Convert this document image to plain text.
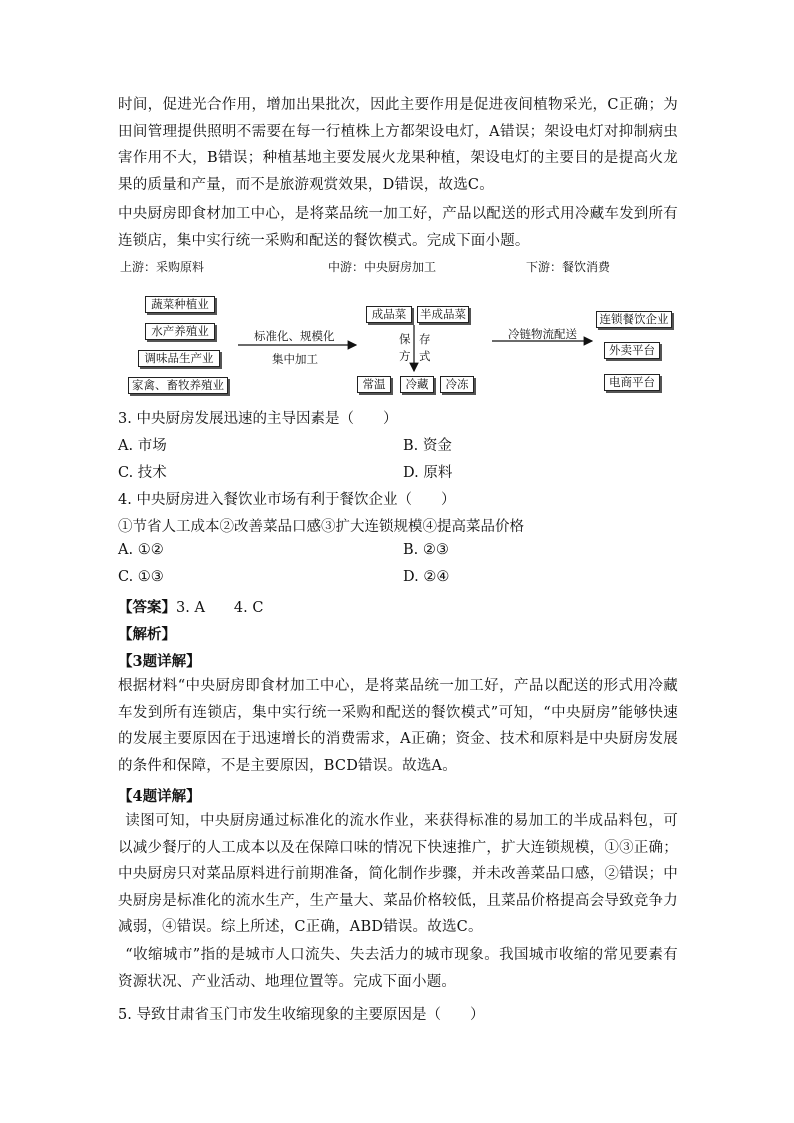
时间，促进光合作用，增加出果批次，因此主要作用是促进夜间植物采光，C正确；为田间管理提供照明不需要在每一行植株上方都架设电灯，A错误；架设电灯对抑制病虫害作用不大，B错误；种植基地主要发展火龙果种植，架设电灯的主要目的是提高火龙果的质量和产量，而不是旅游观赏效果，D错误，故选C。
中央厨房即食材加工中心，是将菜品统一加工好，产品以配送的形式用冷藏车发到所有连锁店，集中实行统一采购和配送的餐饮模式。完成下面小题。
上游：采购原料	中游：中央厨房加工	下游：餐饮消费
蔬菜种植业
水产养殖业
调味品生产业
家禽、畜牧养殖业
标准化、规模化
集中加工
成品菜	半成品菜
保方
存式
常温	冷藏	冷冻
冷链物流配送
连锁餐饮企业
外卖平台
电商平台
3. 中央厨房发展迅速的主导因素是（　　）
A. 市场	B. 资金
C. 技术	D. 原料
4. 中央厨房进入餐饮业市场有利于餐饮企业（　　）
①节省人工成本②改善菜品口感③扩大连锁规模④提高菜品价格
A. ①②	B. ②③
C. ①③	D. ②④
【答案】3. A　　4. C
【解析】
【3题详解】
根据材料“中央厨房即食材加工中心，是将菜品统一加工好，产品以配送的形式用冷藏车发到所有连锁店，集中实行统一采购和配送的餐饮模式”可知，“中央厨房”能够快速的发展主要原因在于迅速增长的消费需求，A正确；资金、技术和原料是中央厨房发展的条件和保障，不是主要原因，BCD错误。故选A。
【4题详解】
读图可知，中央厨房通过标准化的流水作业，来获得标准的易加工的半成品料包，可以减少餐厅的人工成本以及在保障口味的情况下快速推广，扩大连锁规模，①③正确；中央厨房只对菜品原料进行前期准备，简化制作步骤，并未改善菜品口感，②错误；中央厨房是标准化的流水生产，生产量大、菜品价格较低，且菜品价格提高会导致竞争力减弱，④错误。综上所述，C正确，ABD错误。故选C。
“收缩城市”指的是城市人口流失、失去活力的城市现象。我国城市收缩的常见要素有资源状况、产业活动、地理位置等。完成下面小题。
5. 导致甘肃省玉门市发生收缩现象的主要原因是（　　）
